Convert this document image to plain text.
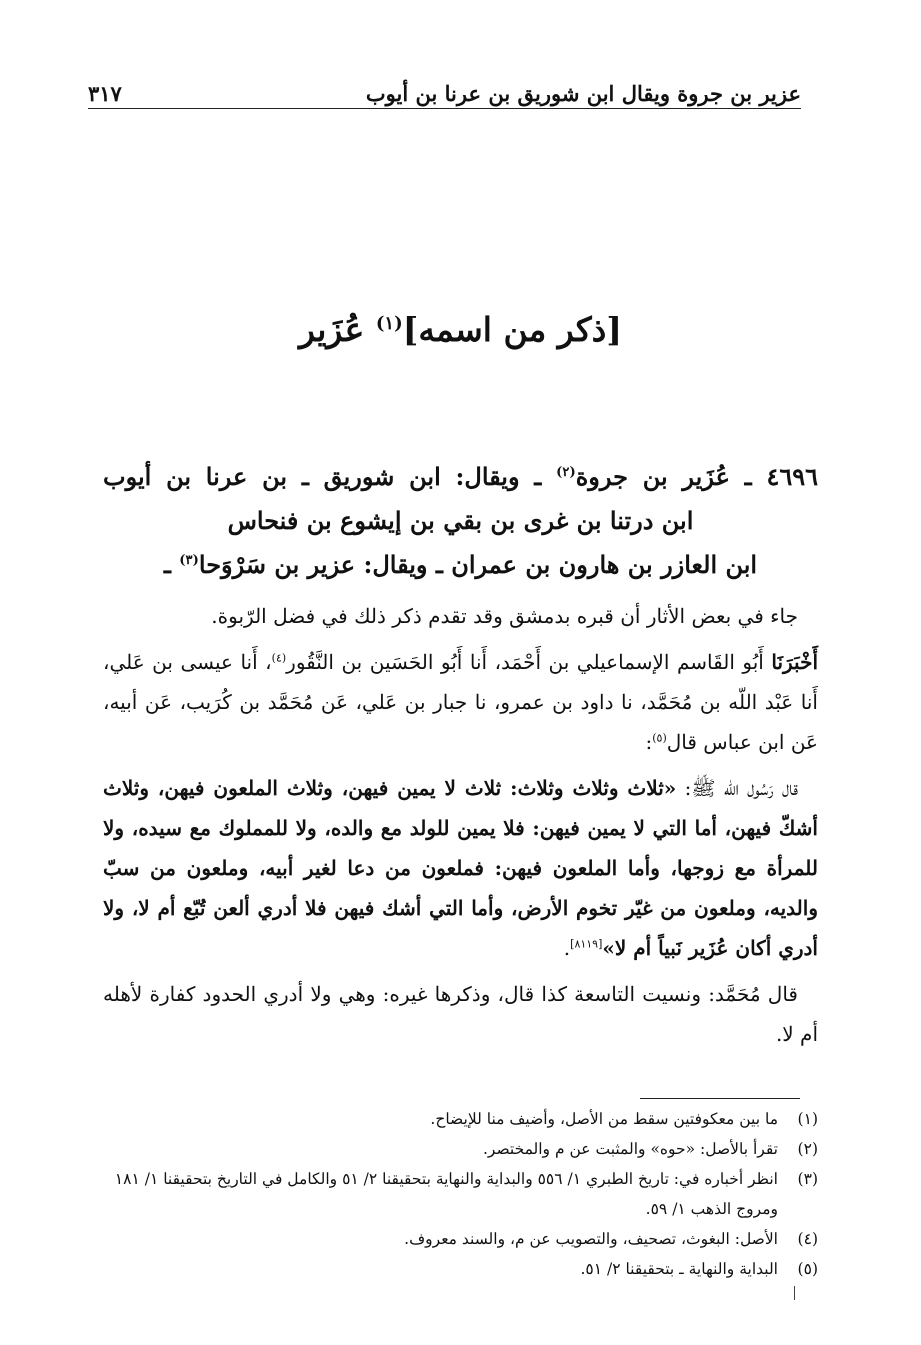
عزير بن جروة ويقال ابن شوريق بن عرنا بن أيوب
٣١٧
[ذكر من اسمه]$^{(١)}$ عُزَير
٤٦٩٦ ـ عُزَير بن جروة$^{(٢)}$ ـ ويقال: ابن شوريق ـ بن عرنا بن أيوب
ابن درتنا بن غرى بن بقي بن إيشوع بن فنحاس
ابن العازر بن هارون بن عمران ـ ويقال: عزير بن سَرْوَحا$^{(٣)}$ ـ

جاء في بعض الأثار أن قبره بدمشق وقد تقدم ذكر ذلك في فضل الرّبوة.

أَخْبَرَنَا أَبُو القَاسم الإسماعيلي بن أَحْمَد، أَنا أَبُو الحَسَين بن النَّقُور$^{(٤)}$، أَنا عيسى بن عَلي، أَنا عَبْد اللّه بن مُحَمَّد، نا داود بن عمرو، نا جبار بن عَلي، عَن مُحَمَّد بن كُرَيب، عَن أبيه، عَن ابن عباس قال$^{(٥)}$:

قال رَسُول اللّه ﷺ: «ثلاث وثلاث وثلاث: ثلاث لا يمين فيهن، وثلاث الملعون فيهن، وثلاث أشكّ فيهن، أما التي لا يمين فيهن: فلا يمين للولد مع والده، ولا للمملوك مع سيده، ولا للمرأة مع زوجها، وأما الملعون فيهن: فملعون من دعا لغير أبيه، وملعون من سبّ والديه، وملعون من غيّر تخوم الأرض، وأما التي أشك فيهن فلا أدري ألعن تُبّع أم لا، ولا أدري أكان عُزَير نَبياً أم لا»[٨١١٩].

قال مُحَمَّد: ونسيت التاسعة كذا قال، وذكرها غيره: وهي ولا أدري الحدود كفارة لأهله أم لا.

(١)
ما بين معكوفتين سقط من الأصل، وأضيف منا للإيضاح.
(٢)
تقرأ بالأصل: «حوه» والمثبت عن م والمختصر.
(٣)
انظر أخباره في: تاريخ الطبري ١/ ٥٥٦ والبداية والنهاية بتحقيقنا ٢/ ٥١ والكامل في التاريخ بتحقيقنا ١/ ١٨١ ومروج الذهب ١/ ٥٩.
(٤)
الأصل: البغوث، تصحيف، والتصويب عن م، والسند معروف.
(٥)
البداية والنهاية ـ بتحقيقنا ٢/ ٥١.
